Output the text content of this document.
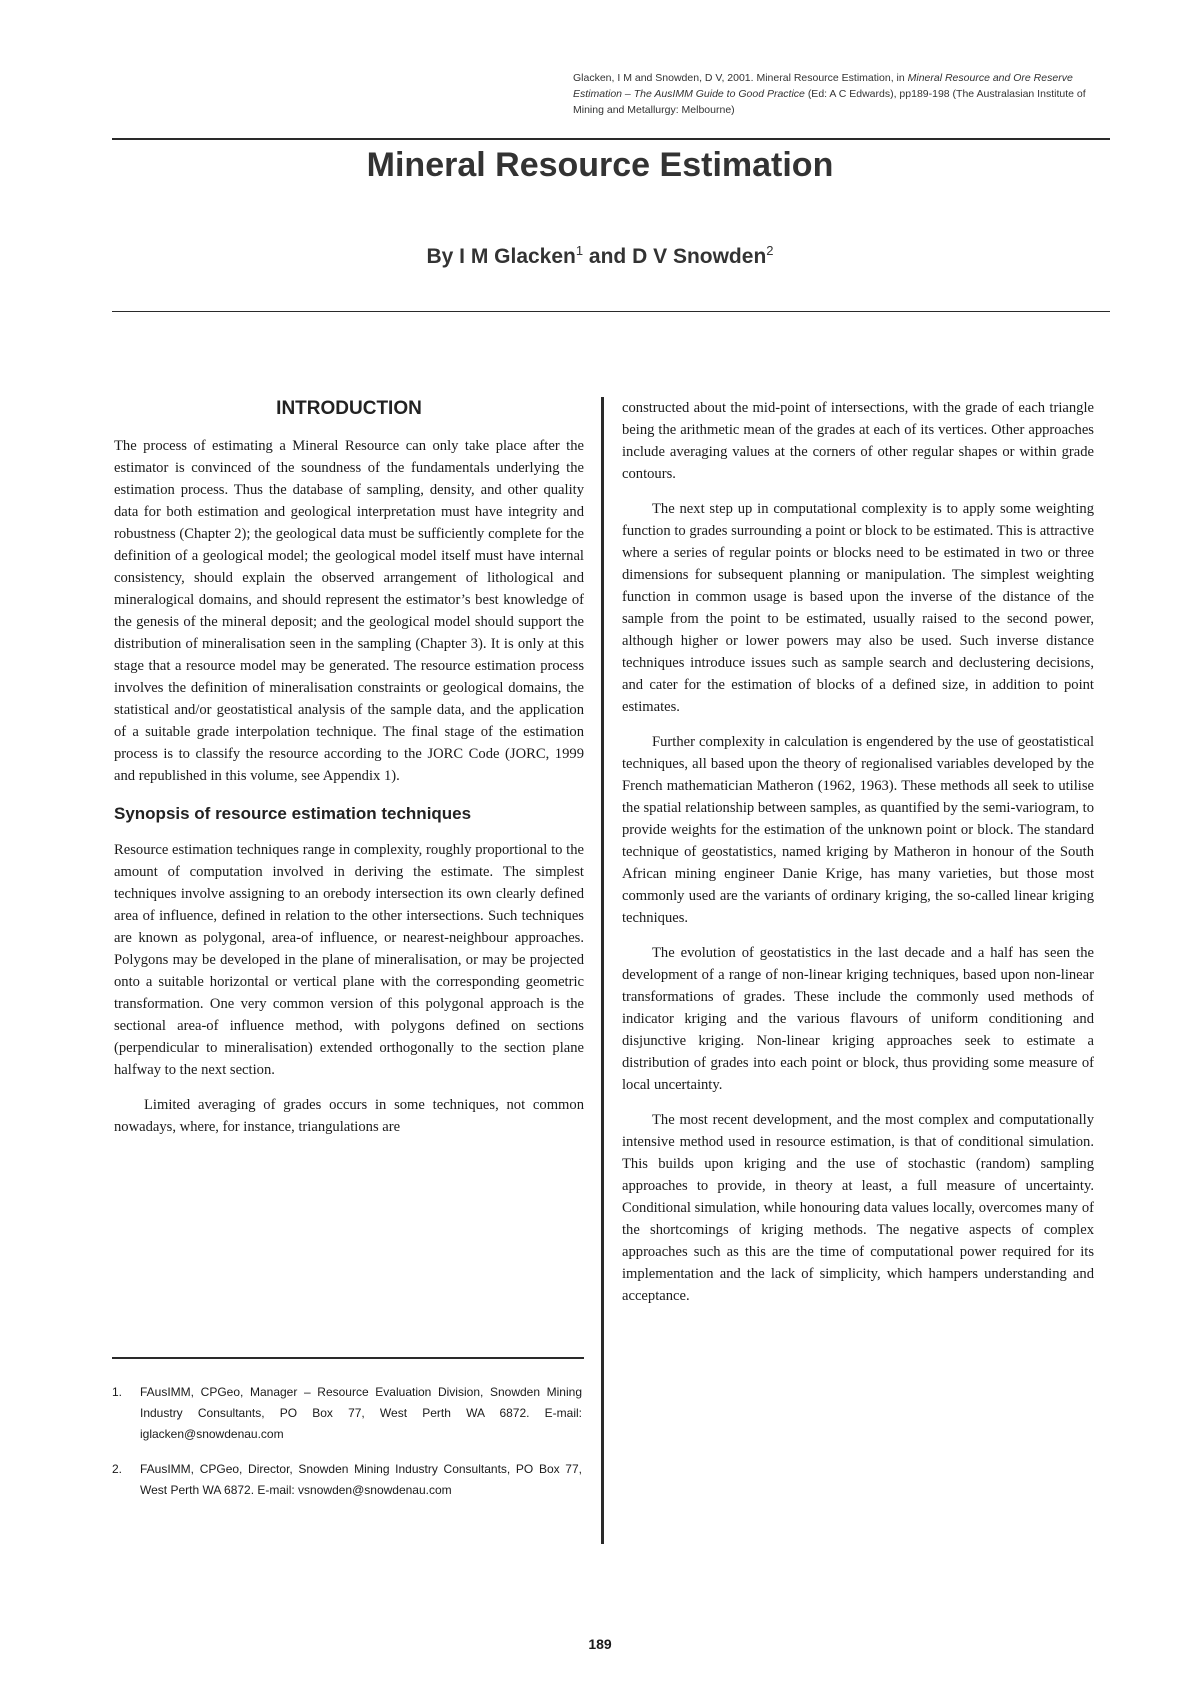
Glacken, I M and Snowden, D V, 2001. Mineral Resource Estimation, in Mineral Resource and Ore Reserve Estimation – The AusIMM Guide to Good Practice (Ed: A C Edwards), pp189-198 (The Australasian Institute of Mining and Metallurgy: Melbourne)
Mineral Resource Estimation

By I M Glacken$^1$ and D V Snowden$^2$

INTRODUCTION

The process of estimating a Mineral Resource can only take place after the estimator is convinced of the soundness of the fundamentals underlying the estimation process. Thus the database of sampling, density, and other quality data for both estimation and geological interpretation must have integrity and robustness (Chapter 2); the geological data must be sufficiently complete for the definition of a geological model; the geological model itself must have internal consistency, should explain the observed arrangement of lithological and mineralogical domains, and should represent the estimator’s best knowledge of the genesis of the mineral deposit; and the geological model should support the distribution of mineralisation seen in the sampling (Chapter 3). It is only at this stage that a resource model may be generated. The resource estimation process involves the definition of mineralisation constraints or geological domains, the statistical and/or geostatistical analysis of the sample data, and the application of a suitable grade interpolation technique. The final stage of the estimation process is to classify the resource according to the JORC Code (JORC, 1999 and republished in this volume, see Appendix 1).

Synopsis of resource estimation techniques

Resource estimation techniques range in complexity, roughly proportional to the amount of computation involved in deriving the estimate. The simplest techniques involve assigning to an orebody intersection its own clearly defined area of influence, defined in relation to the other intersections. Such techniques are known as polygonal, area-of influence, or nearest-neighbour approaches. Polygons may be developed in the plane of mineralisation, or may be projected onto a suitable horizontal or vertical plane with the corresponding geometric transformation. One very common version of this polygonal approach is the sectional area-of influence method, with polygons defined on sections (perpendicular to mineralisation) extended orthogonally to the section plane halfway to the next section.

Limited averaging of grades occurs in some techniques, not common nowadays, where, for instance, triangulations are

1.	FAusIMM, CPGeo, Manager – Resource Evaluation Division, Snowden Mining Industry Consultants, PO Box 77, West Perth WA 6872. E-mail: iglacken@snowdenau.com
2.	FAusIMM, CPGeo, Director, Snowden Mining Industry Consultants, PO Box 77, West Perth WA 6872. E-mail: vsnowden@snowdenau.com

constructed about the mid-point of intersections, with the grade of each triangle being the arithmetic mean of the grades at each of its vertices. Other approaches include averaging values at the corners of other regular shapes or within grade contours.

The next step up in computational complexity is to apply some weighting function to grades surrounding a point or block to be estimated. This is attractive where a series of regular points or blocks need to be estimated in two or three dimensions for subsequent planning or manipulation. The simplest weighting function in common usage is based upon the inverse of the distance of the sample from the point to be estimated, usually raised to the second power, although higher or lower powers may also be used. Such inverse distance techniques introduce issues such as sample search and declustering decisions, and cater for the estimation of blocks of a defined size, in addition to point estimates.

Further complexity in calculation is engendered by the use of geostatistical techniques, all based upon the theory of regionalised variables developed by the French mathematician Matheron (1962, 1963). These methods all seek to utilise the spatial relationship between samples, as quantified by the semi-variogram, to provide weights for the estimation of the unknown point or block. The standard technique of geostatistics, named kriging by Matheron in honour of the South African mining engineer Danie Krige, has many varieties, but those most commonly used are the variants of ordinary kriging, the so-called linear kriging techniques.

The evolution of geostatistics in the last decade and a half has seen the development of a range of non-linear kriging techniques, based upon non-linear transformations of grades. These include the commonly used methods of indicator kriging and the various flavours of uniform conditioning and disjunctive kriging. Non-linear kriging approaches seek to estimate a distribution of grades into each point or block, thus providing some measure of local uncertainty.

The most recent development, and the most complex and computationally intensive method used in resource estimation, is that of conditional simulation. This builds upon kriging and the use of stochastic (random) sampling approaches to provide, in theory at least, a full measure of uncertainty. Conditional simulation, while honouring data values locally, overcomes many of the shortcomings of kriging methods. The negative aspects of complex approaches such as this are the time of computational power required for its implementation and the lack of simplicity, which hampers understanding and acceptance.

189
